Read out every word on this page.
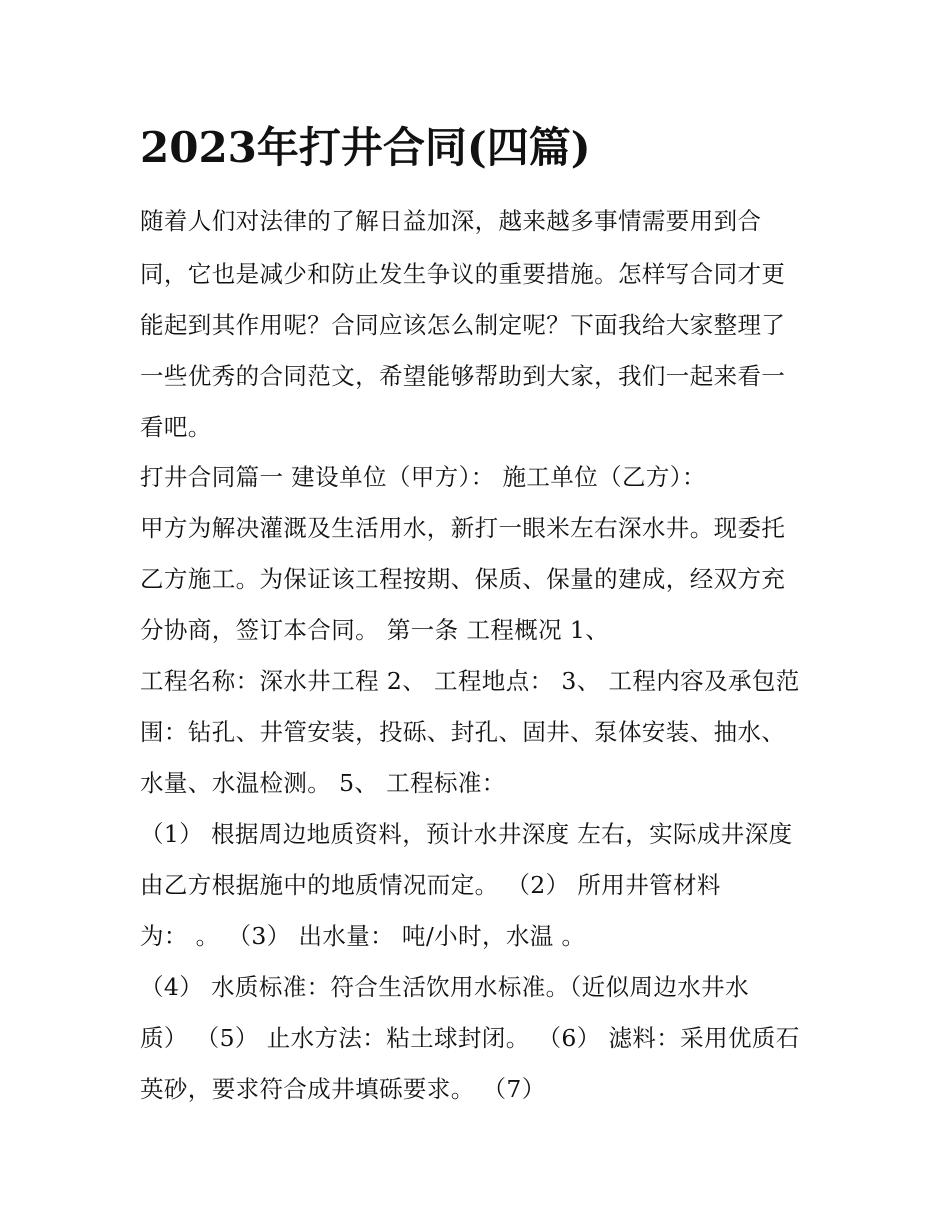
2023年打井合同(四篇)

随着人们对法律的了解日益加深，越来越多事情需要用到合

同，它也是减少和防止发生争议的重要措施。怎样写合同才更

能起到其作用呢？合同应该怎么制定呢？下面我给大家整理了

一些优秀的合同范文，希望能够帮助到大家，我们一起来看一

看吧。

打井合同篇一 建设单位（甲方）： 施工单位（乙方）：

甲方为解决灌溉及生活用水，新打一眼米左右深水井。现委托

乙方施工。为保证该工程按期、保质、保量的建成，经双方充

分协商，签订本合同。 第一条 工程概况 1、

工程名称：深水井工程 2、 工程地点： 3、 工程内容及承包范

围：钻孔、井管安装，投砾、封孔、固井、泵体安装、抽水、

水量、水温检测。 5、 工程标准：

（1） 根据周边地质资料，预计水井深度 左右，实际成井深度

由乙方根据施中的地质情况而定。 （2） 所用井管材料

为： 。 （3） 出水量： 吨/小时，水温 。

（4） 水质标准：符合生活饮用水标准。（近似周边水井水

质） （5） 止水方法：粘土球封闭。 （6） 滤料：采用优质石

英砂，要求符合成井填砾要求。 （7）
